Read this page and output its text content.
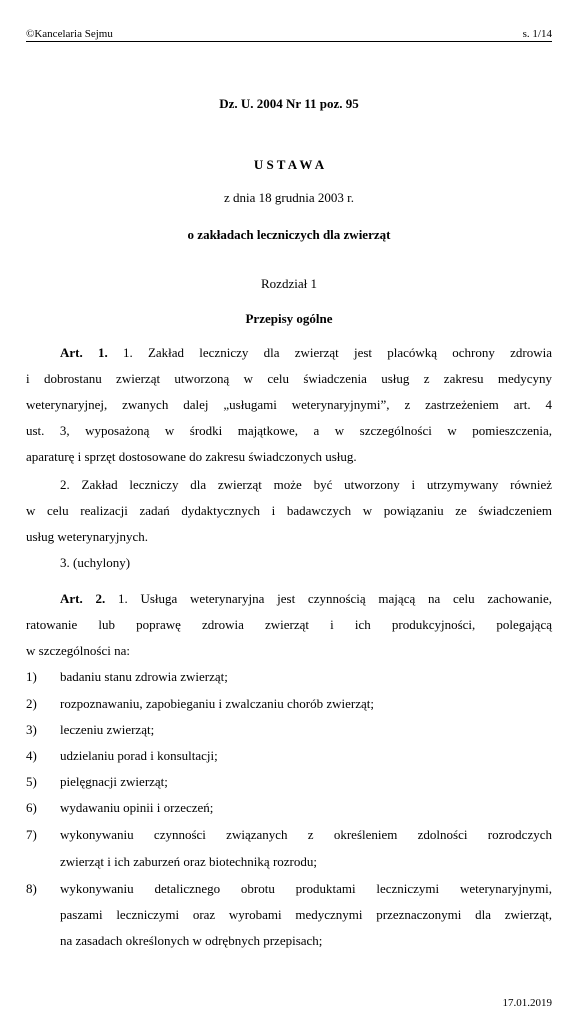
©Kancelaria Sejmu	s. 1/14
Dz. U. 2004 Nr 11 poz. 95
U S T A W A
z dnia 18 grudnia 2003 r.
o zakładach leczniczych dla zwierząt
Rozdział 1
Przepisy ogólne
Art. 1. 1. Zakład leczniczy dla zwierząt jest placówką ochrony zdrowia
i dobrostanu zwierząt utworzoną w celu świadczenia usług z zakresu medycyny
weterynaryjnej, zwanych dalej „usługami weterynaryjnymi”, z zastrzeżeniem art. 4
ust. 3, wyposażoną w środki majątkowe, a w szczególności w pomieszczenia,
aparaturę i sprzęt dostosowane do zakresu świadczonych usług.
2. Zakład leczniczy dla zwierząt może być utworzony i utrzymywany również
w celu realizacji zadań dydaktycznych i badawczych w powiązaniu ze świadczeniem
usług weterynaryjnych.
3. (uchylony)
Art. 2. 1. Usługa weterynaryjna jest czynnością mającą na celu zachowanie,
ratowanie lub poprawę zdrowia zwierząt i ich produkcyjności, polegającą
w szczególności na:
1) badaniu stanu zdrowia zwierząt;
2) rozpoznawaniu, zapobieganiu i zwalczaniu chorób zwierząt;
3) leczeniu zwierząt;
4) udzielaniu porad i konsultacji;
5) pielęgnacji zwierząt;
6) wydawaniu opinii i orzeczeń;
7) wykonywaniu czynności związanych z określeniem zdolności rozrodczych
zwierząt i ich zaburzeń oraz biotechniką rozrodu;
8) wykonywaniu detalicznego obrotu produktami leczniczymi weterynaryjnymi,
paszami leczniczymi oraz wyrobami medycznymi przeznaczonymi dla zwierząt,
na zasadach określonych w odrębnych przepisach;
17.01.2019
